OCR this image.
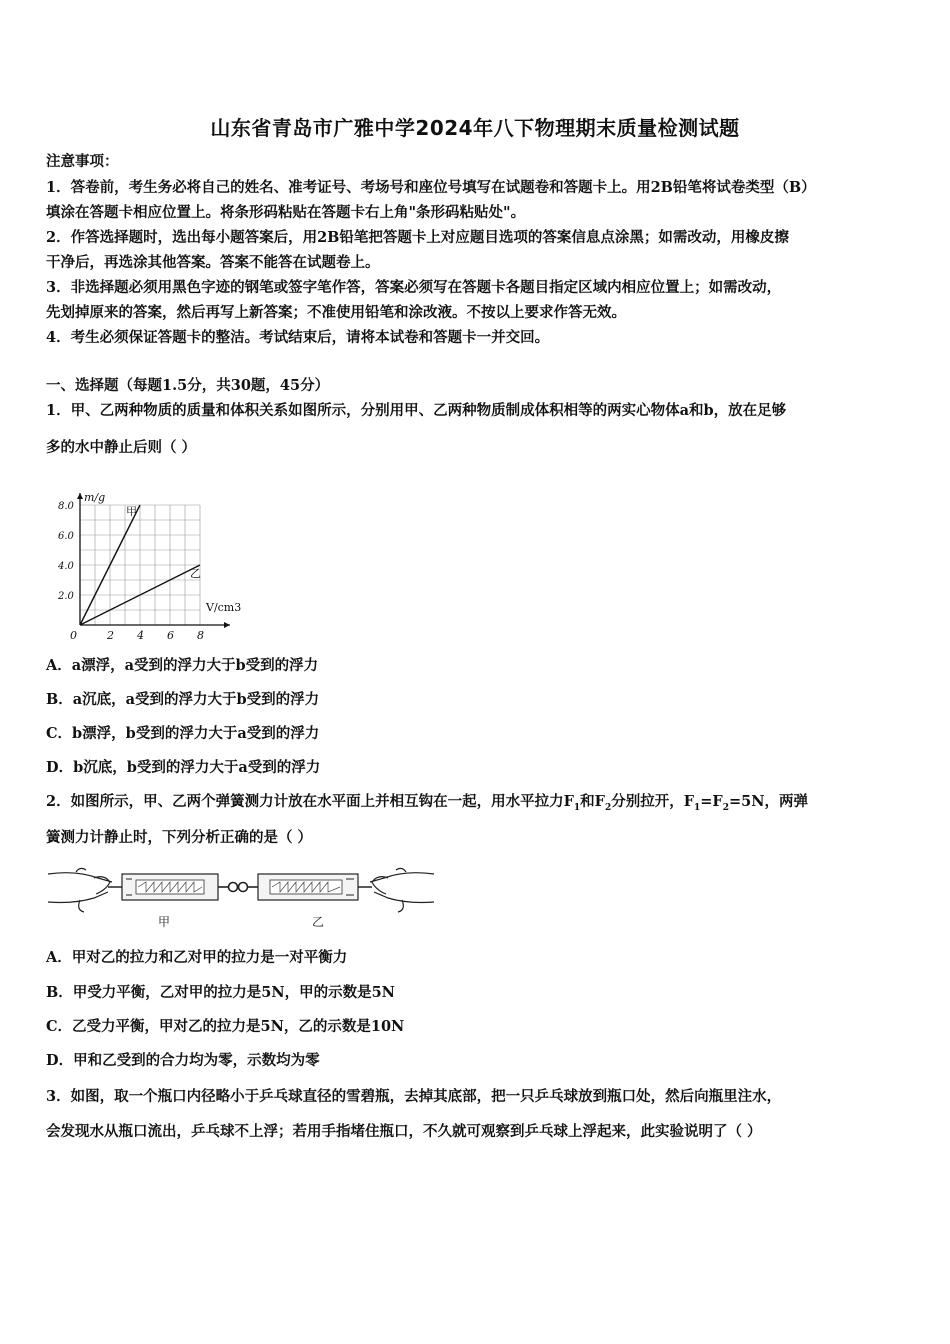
山东省青岛市广雅中学2024年八下物理期末质量检测试题
注意事项：
1．答卷前，考生务必将自己的姓名、准考证号、考场号和座位号填写在试题卷和答题卡上。用2B铅笔将试卷类型（B）
填涂在答题卡相应位置上。将条形码粘贴在答题卡右上角"条形码粘贴处"。
2．作答选择题时，选出每小题答案后，用2B铅笔把答题卡上对应题目选项的答案信息点涂黑；如需改动，用橡皮擦
干净后，再选涂其他答案。答案不能答在试题卷上。
3．非选择题必须用黑色字迹的钢笔或签字笔作答，答案必须写在答题卡各题目指定区域内相应位置上；如需改动，
先划掉原来的答案，然后再写上新答案；不准使用铅笔和涂改液。不按以上要求作答无效。
4．考生必须保证答题卡的整洁。考试结束后，请将本试卷和答题卡一并交回。
一、选择题（每题1.5分，共30题，45分）
1．甲、乙两种物质的质量和体积关系如图所示，分别用甲、乙两种物质制成体积相等的两实心物体a和b，放在足够
多的水中静止后则（ ）
0	2 4 6 8
2.0
4.0
6.0
8.0
V/cm3
m/g
甲
乙
A．a漂浮，a受到的浮力大于b受到的浮力
B．a沉底，a受到的浮力大于b受到的浮力
C．b漂浮，b受到的浮力大于a受到的浮力
D．b沉底，b受到的浮力大于a受到的浮力
2．如图所示，甲、乙两个弹簧测力计放在水平面上并相互钩在一起，用水平拉力$F_1$和$F_2$分别拉开，$F_1=F_2=5N$，两弹
簧测力计静止时，下列分析正确的是（ ）
甲	乙
A．甲对乙的拉力和乙对甲的拉力是一对平衡力
B．甲受力平衡，乙对甲的拉力是5N，甲的示数是5N
C．乙受力平衡，甲对乙的拉力是5N，乙的示数是10N
D．甲和乙受到的合力均为零，示数均为零
3．如图，取一个瓶口内径略小于乒乓球直径的雪碧瓶，去掉其底部，把一只乒乓球放到瓶口处，然后向瓶里注水，
会发现水从瓶口流出，乒乓球不上浮；若用手指堵住瓶口，不久就可观察到乒乓球上浮起来，此实验说明了（ ）
